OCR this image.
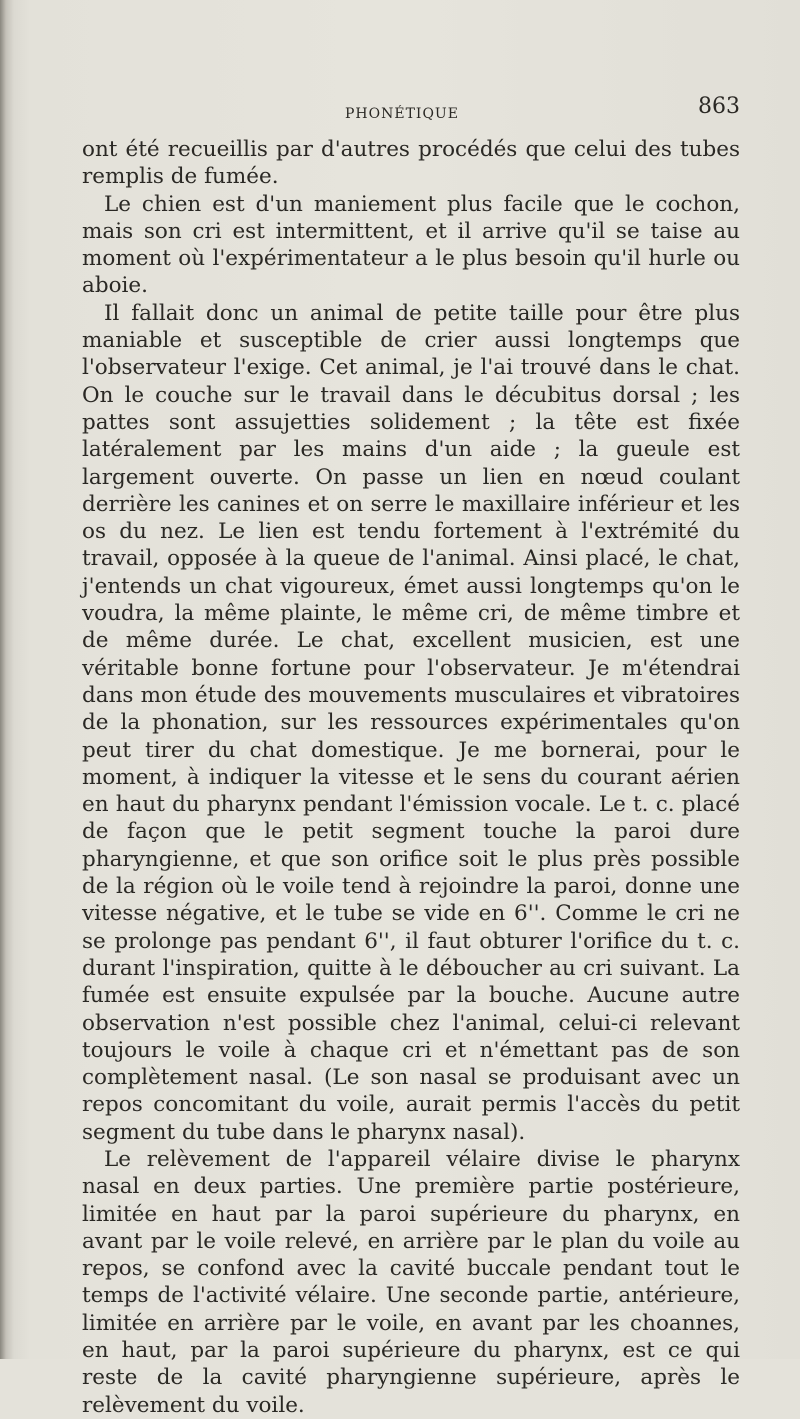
PHONÉTIQUE	863

ont été recueillis par d'autres procédés que celui des tubes remplis de fumée.

Le chien est d'un maniement plus facile que le cochon, mais son cri est intermittent, et il arrive qu'il se taise au moment où l'expérimentateur a le plus besoin qu'il hurle ou aboie.

Il fallait donc un animal de petite taille pour être plus maniable et susceptible de crier aussi longtemps que l'observateur l'exige. Cet animal, je l'ai trouvé dans le chat. On le couche sur le travail dans le décubitus dorsal ; les pattes sont assujetties solidement ; la tête est fixée latéralement par les mains d'un aide ; la gueule est largement ouverte. On passe un lien en nœud coulant derrière les canines et on serre le maxillaire inférieur et les os du nez. Le lien est tendu fortement à l'extrémité du travail, opposée à la queue de l'animal. Ainsi placé, le chat, j'entends un chat vigoureux, émet aussi longtemps qu'on le voudra, la même plainte, le même cri, de même timbre et de même durée. Le chat, excellent musicien, est une véritable bonne fortune pour l'observateur. Je m'étendrai dans mon étude des mouvements musculaires et vibratoires de la phonation, sur les ressources expérimentales qu'on peut tirer du chat domestique. Je me bornerai, pour le moment, à indiquer la vitesse et le sens du courant aérien en haut du pharynx pendant l'émission vocale. Le t. c. placé de façon que le petit segment touche la paroi dure pharyngienne, et que son orifice soit le plus près possible de la région où le voile tend à rejoindre la paroi, donne une vitesse négative, et le tube se vide en 6''. Comme le cri ne se prolonge pas pendant 6'', il faut obturer l'orifice du t. c. durant l'inspiration, quitte à le déboucher au cri suivant. La fumée est ensuite expulsée par la bouche. Aucune autre observation n'est possible chez l'animal, celui-ci relevant toujours le voile à chaque cri et n'émettant pas de son complètement nasal. (Le son nasal se produisant avec un repos concomitant du voile, aurait permis l'accès du petit segment du tube dans le pharynx nasal).

Le relèvement de l'appareil vélaire divise le pharynx nasal en deux parties. Une première partie postérieure, limitée en haut par la paroi supérieure du pharynx, en avant par le voile relevé, en arrière par le plan du voile au repos, se confond avec la cavité buccale pendant tout le temps de l'activité vélaire. Une seconde partie, antérieure, limitée en arrière par le voile, en avant par les choannes, en haut, par la paroi supérieure du pharynx, est ce qui reste de la cavité pharyngienne supérieure, après le relèvement du voile.
